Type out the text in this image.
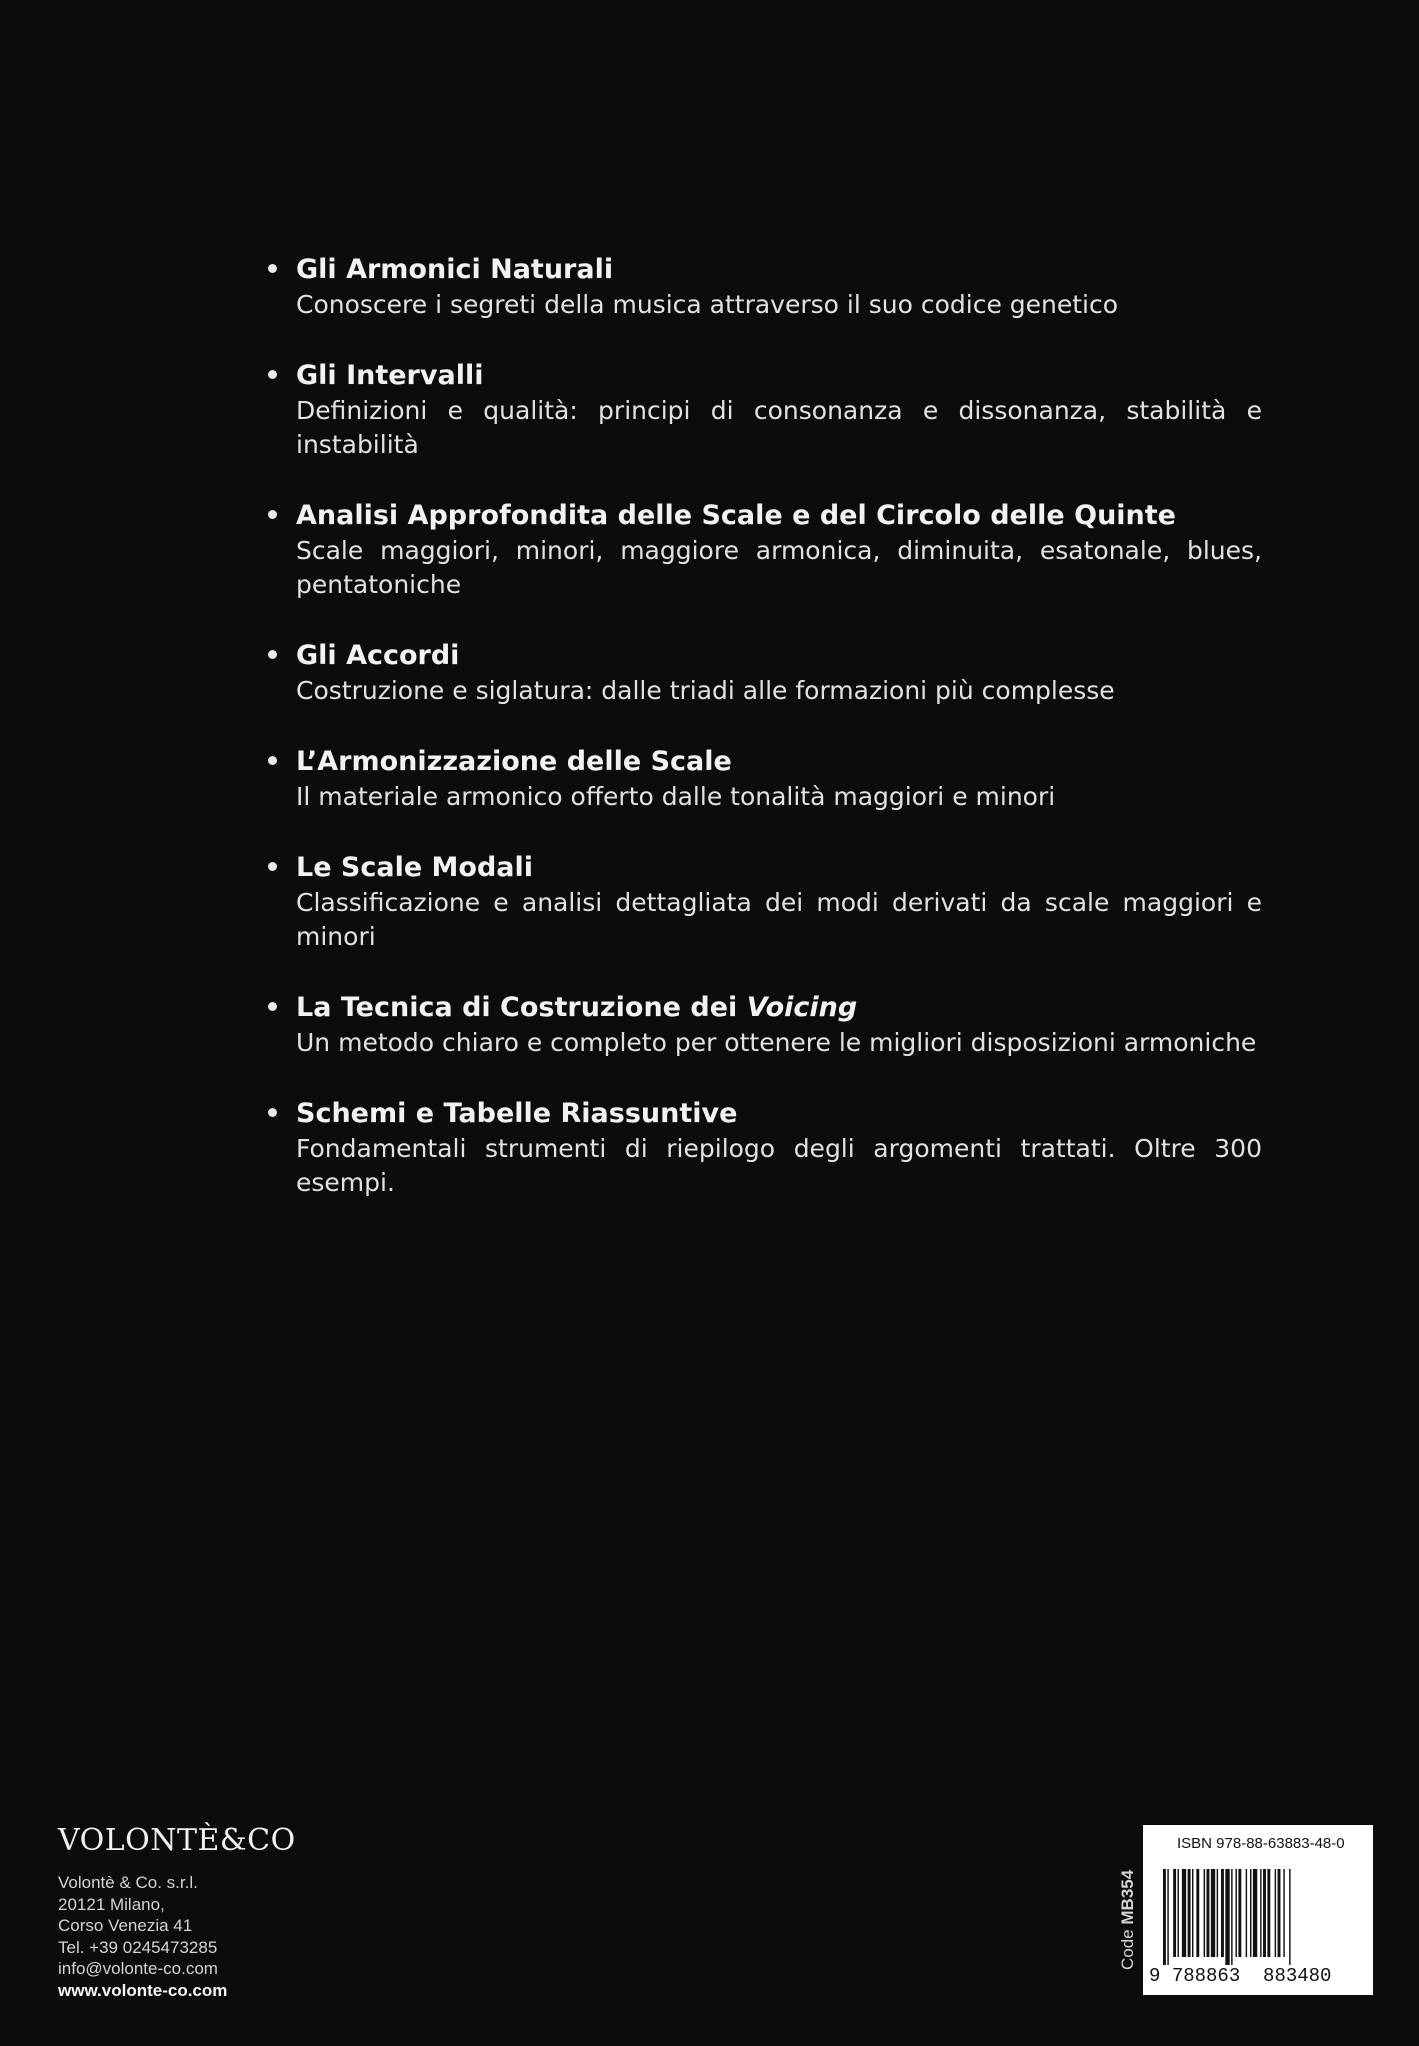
Gli Armonici Naturali
Conoscere i segreti della musica attraverso il suo codice genetico
Gli Intervalli
Definizioni e qualità: principi di consonanza e dissonanza, stabilità e instabilità
Analisi Approfondita delle Scale e del Circolo delle Quinte
Scale maggiori, minori, maggiore armonica, diminuita, esatonale, blues, pentatoniche
Gli Accordi
Costruzione e siglatura: dalle triadi alle formazioni più complesse
L’Armonizzazione delle Scale
Il materiale armonico offerto dalle tonalità maggiori e minori
Le Scale Modali
Classificazione e analisi dettagliata dei modi derivati da scale maggiori e minori
La Tecnica di Costruzione dei Voicing
Un metodo chiaro e completo per ottenere le migliori disposizioni armoniche
Schemi e Tabelle Riassuntive
Fondamentali strumenti di riepilogo degli argomenti trattati. Oltre 300 esempi.
VOLONTÈ&CO
Volontè & Co. s.r.l.
20121 Milano,
Corso Venezia 41
Tel. +39 0245473285
info@volonte-co.com
www.volonte-co.com
Code MB354
ISBN 978-88-63883-48-0
9 788863 883480
